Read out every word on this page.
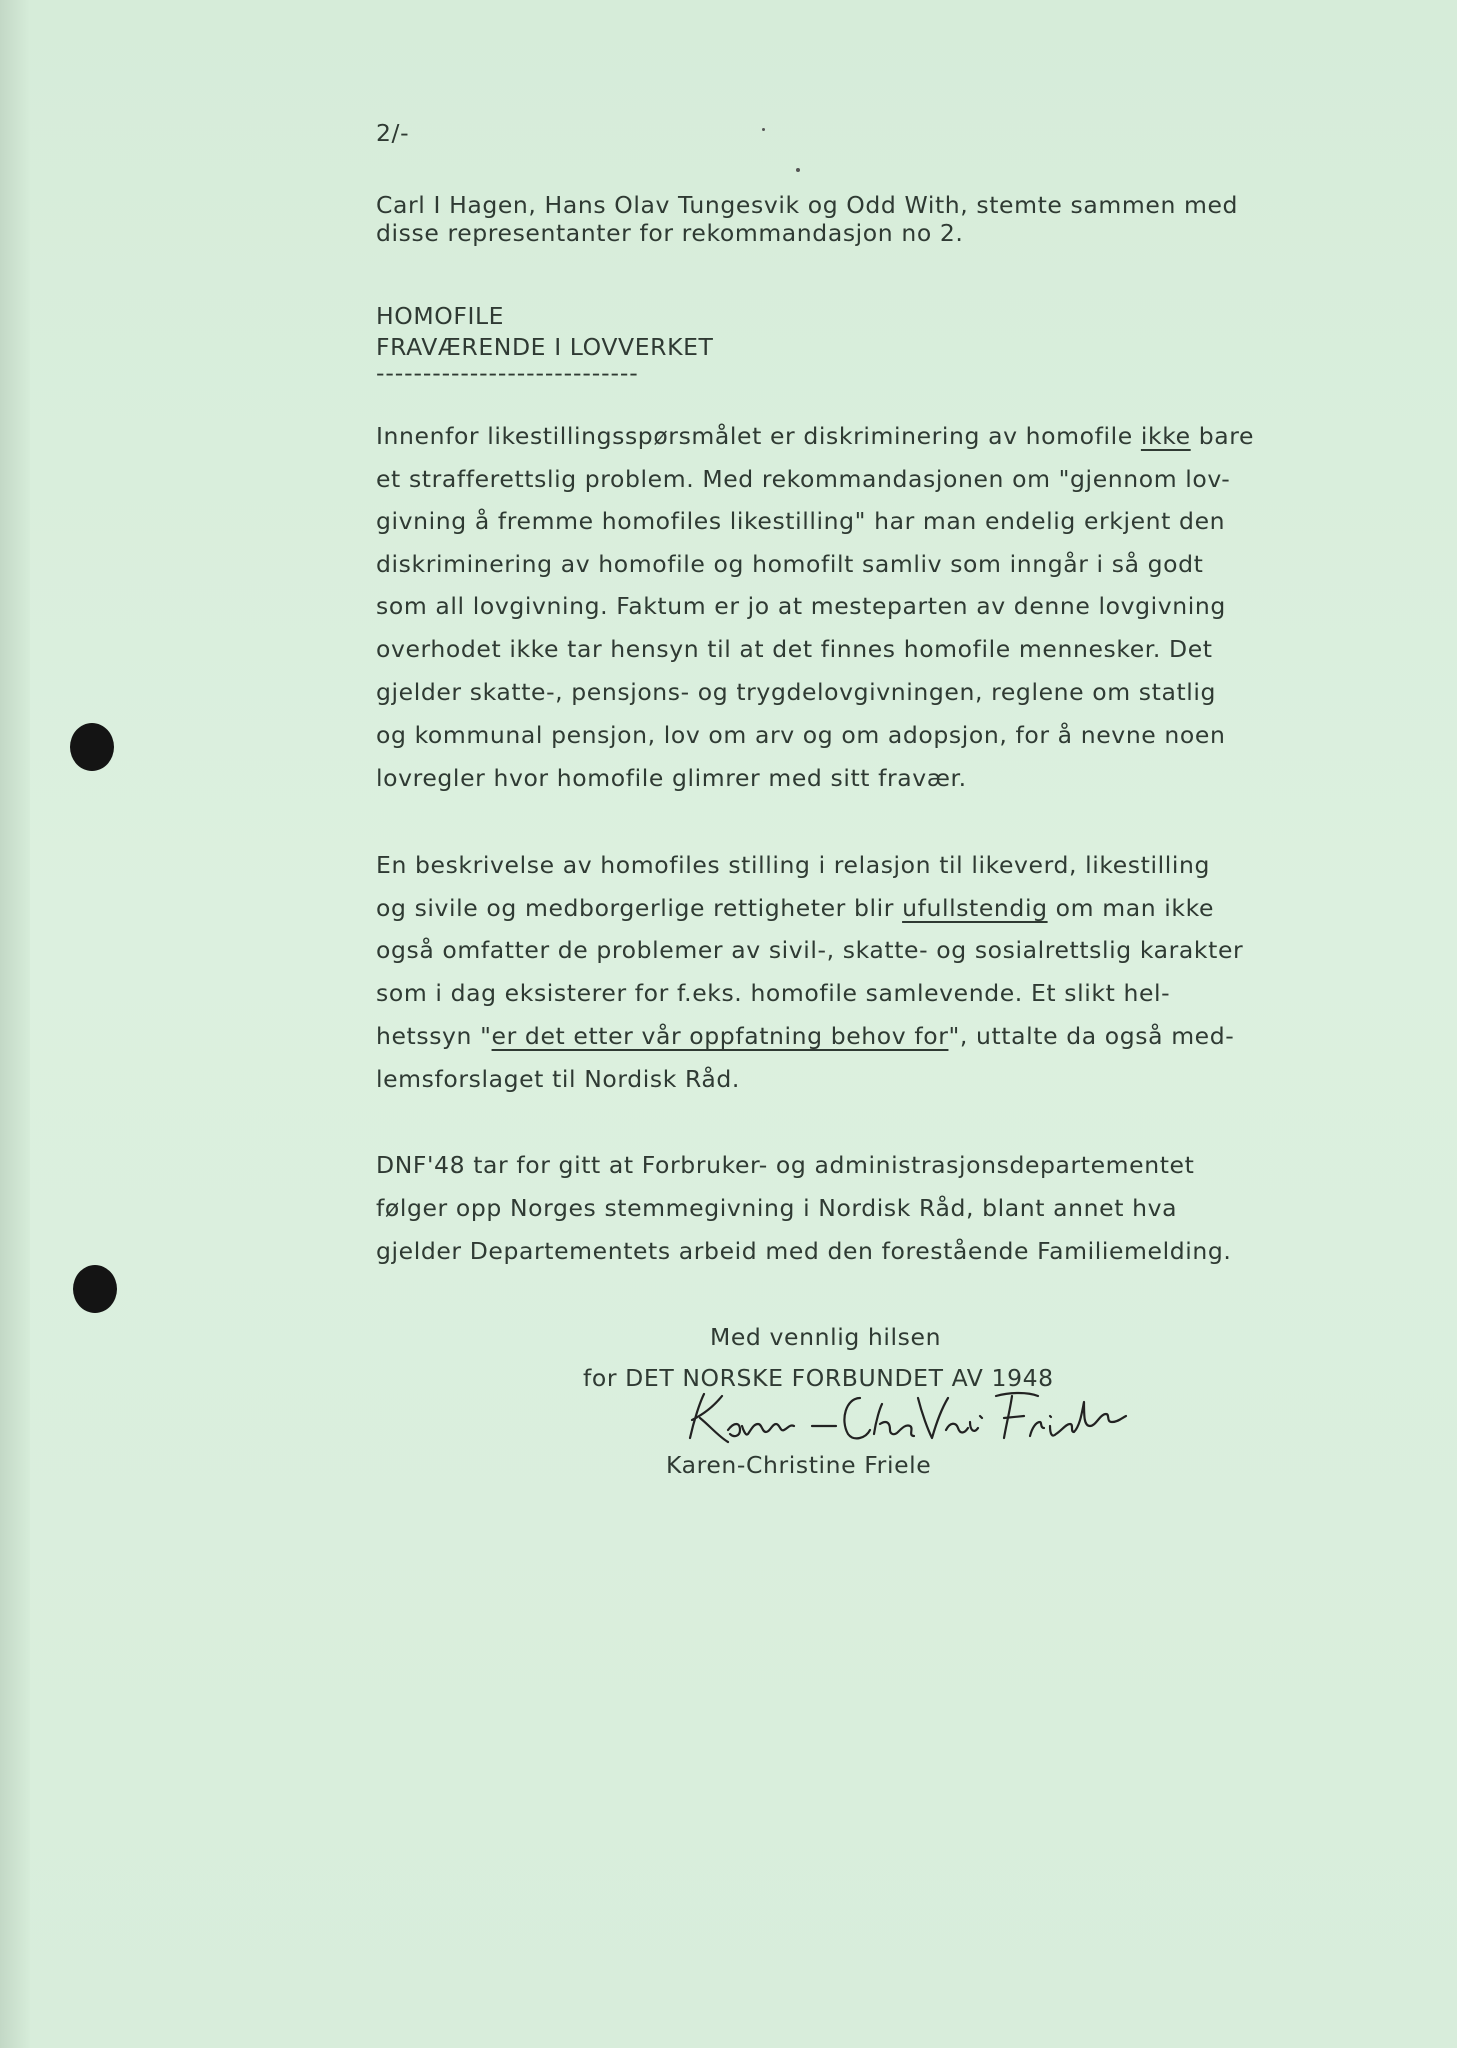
2/-
Carl I Hagen, Hans Olav Tungesvik og Odd With, stemte sammen med
disse representanter for rekommandasjon no 2.
HOMOFILE
FRAVÆRENDE I LOVVERKET
----------------------------
Innenfor likestillingsspørsmålet er diskriminering av homofile ikke bare
et strafferettslig problem. Med rekommandasjonen om "gjennom lov-
givning å fremme homofiles likestilling" har man endelig erkjent den
diskriminering av homofile og homofilt samliv som inngår i så godt
som all lovgivning. Faktum er jo at mesteparten av denne lovgivning
overhodet ikke tar hensyn til at det finnes homofile mennesker. Det
gjelder skatte-, pensjons- og trygdelovgivningen, reglene om statlig
og kommunal pensjon, lov om arv og om adopsjon, for å nevne noen
lovregler hvor homofile glimrer med sitt fravær.
En beskrivelse av homofiles stilling i relasjon til likeverd, likestilling
og sivile og medborgerlige rettigheter blir ufullstendig om man ikke
også omfatter de problemer av sivil-, skatte- og sosialrettslig karakter
som i dag eksisterer for f.eks. homofile samlevende. Et slikt hel-
hetssyn "er det etter vår oppfatning behov for", uttalte da også med-
lemsforslaget til Nordisk Råd.
DNF'48 tar for gitt at Forbruker- og administrasjonsdepartementet
følger opp Norges stemmegivning i Nordisk Råd, blant annet hva
gjelder Departementets arbeid med den forestående Familiemelding.
Med vennlig hilsen
for DET NORSKE FORBUNDET AV 1948
Karen-Christine Friele
